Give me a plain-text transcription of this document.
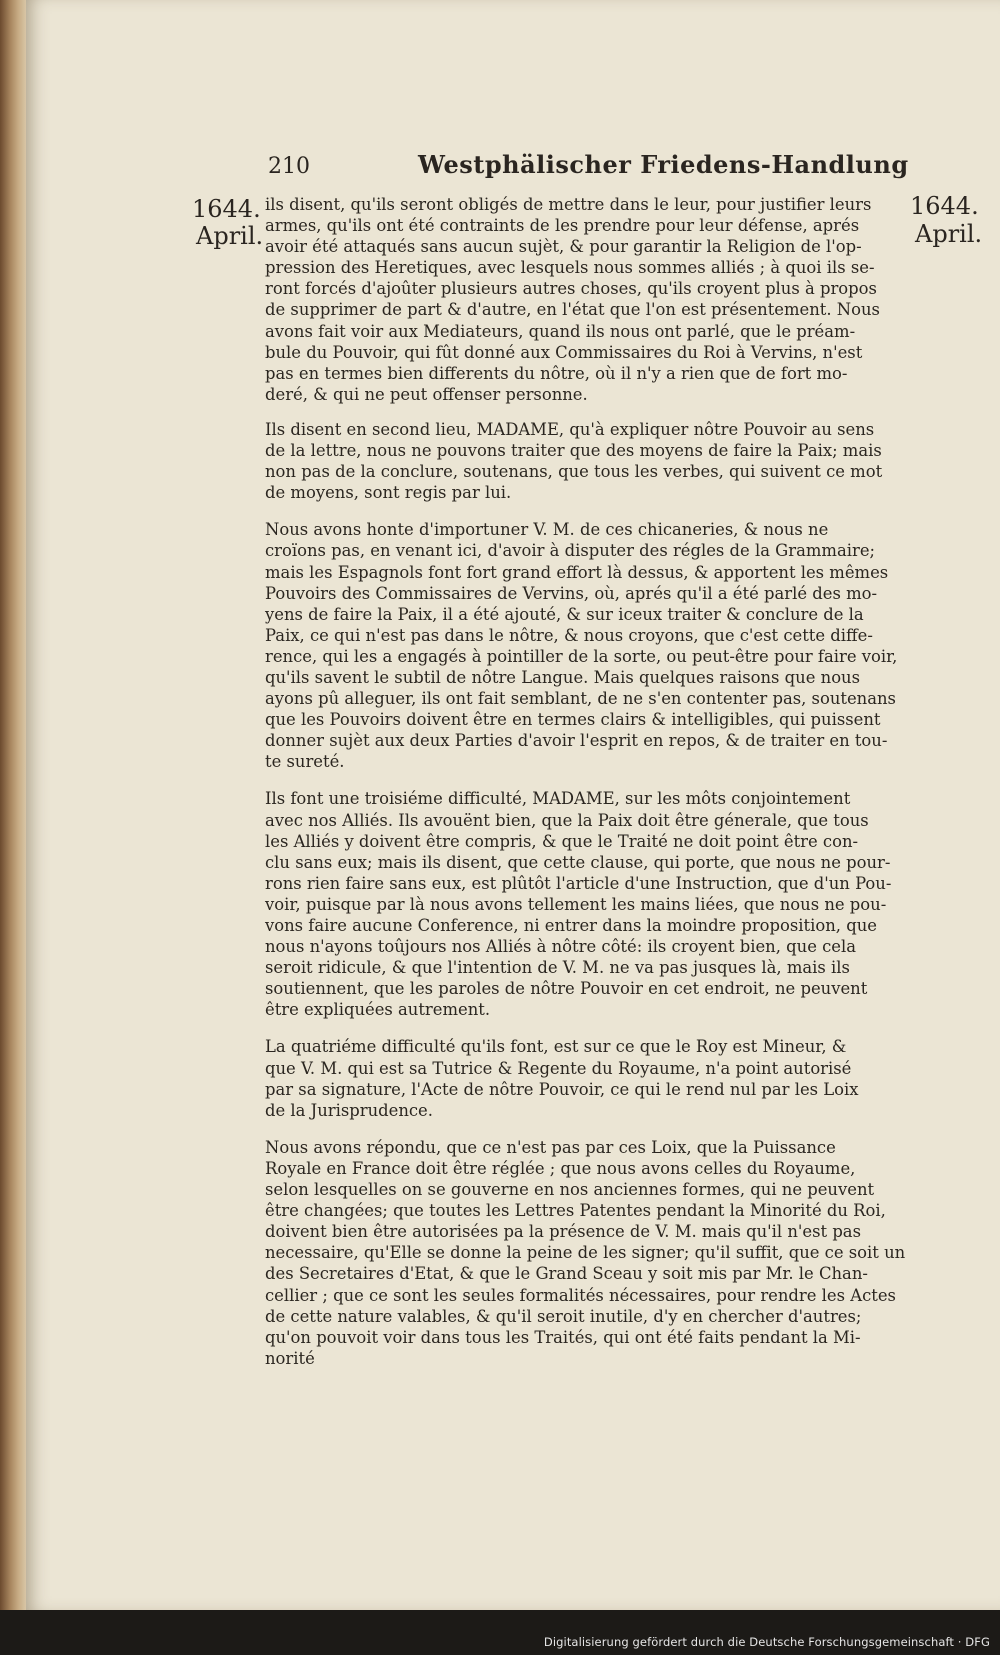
210	Westphälischer Friedens-Handlung
1644.
April.
1644.
April.
ils disent, qu'ils seront obligés de mettre dans le leur, pour justifier leurs
armes, qu'ils ont été contraints de les prendre pour leur défense, aprés
avoir été attaqués sans aucun sujèt, & pour garantir la Religion de l'op-
pression des Heretiques, avec lesquels nous sommes alliés ; à quoi ils se-
ront forcés d'ajoûter plusieurs autres choses, qu'ils croyent plus à propos
de supprimer de part & d'autre, en l'état que l'on est présentement. Nous
avons fait voir aux Mediateurs, quand ils nous ont parlé, que le préam-
bule du Pouvoir, qui fût donné aux Commissaires du Roi à Vervins, n'est
pas en termes bien differents du nôtre, où il n'y a rien que de fort mo-
deré, & qui ne peut offenser personne.
Ils disent en second lieu, MADAME, qu'à expliquer nôtre Pouvoir au sens
de la lettre, nous ne pouvons traiter que des moyens de faire la Paix; mais
non pas de la conclure, soutenans, que tous les verbes, qui suivent ce mot
de moyens, sont regis par lui.
Nous avons honte d'importuner V. M. de ces chicaneries, & nous ne
croïons pas, en venant ici, d'avoir à disputer des régles de la Grammaire;
mais les Espagnols font fort grand effort là dessus, & apportent les mêmes
Pouvoirs des Commissaires de Vervins, où, aprés qu'il a été parlé des mo-
yens de faire la Paix, il a été ajouté, & sur iceux traiter & conclure de la
Paix, ce qui n'est pas dans le nôtre, & nous croyons, que c'est cette diffe-
rence, qui les a engagés à pointiller de la sorte, ou peut-être pour faire voir,
qu'ils savent le subtil de nôtre Langue. Mais quelques raisons que nous
ayons pû alleguer, ils ont fait semblant, de ne s'en contenter pas, soutenans
que les Pouvoirs doivent être en termes clairs & intelligibles, qui puissent
donner sujèt aux deux Parties d'avoir l'esprit en repos, & de traiter en tou-
te sureté.
Ils font une troisiéme difficulté, MADAME, sur les môts conjointement
avec nos Alliés. Ils avouënt bien, que la Paix doit être génerale, que tous
les Alliés y doivent être compris, & que le Traité ne doit point être con-
clu sans eux; mais ils disent, que cette clause, qui porte, que nous ne pour-
rons rien faire sans eux, est plûtôt l'article d'une Instruction, que d'un Pou-
voir, puisque par là nous avons tellement les mains liées, que nous ne pou-
vons faire aucune Conference, ni entrer dans la moindre proposition, que
nous n'ayons toûjours nos Alliés à nôtre côté: ils croyent bien, que cela
seroit ridicule, & que l'intention de V. M. ne va pas jusques là, mais ils
soutiennent, que les paroles de nôtre Pouvoir en cet endroit, ne peuvent
être expliquées autrement.
La quatriéme difficulté qu'ils font, est sur ce que le Roy est Mineur, &
que V. M. qui est sa Tutrice & Regente du Royaume, n'a point autorisé
par sa signature, l'Acte de nôtre Pouvoir, ce qui le rend nul par les Loix
de la Jurisprudence.
Nous avons répondu, que ce n'est pas par ces Loix, que la Puissance
Royale en France doit être réglée ; que nous avons celles du Royaume,
selon lesquelles on se gouverne en nos anciennes formes, qui ne peuvent
être changées; que toutes les Lettres Patentes pendant la Minorité du Roi,
doivent bien être autorisées pa la présence de V. M. mais qu'il n'est pas
necessaire, qu'Elle se donne la peine de les signer; qu'il suffit, que ce soit un
des Secretaires d'Etat, & que le Grand Sceau y soit mis par Mr. le Chan-
cellier ; que ce sont les seules formalités nécessaires, pour rendre les Actes
de cette nature valables, & qu'il seroit inutile, d'y en chercher d'autres;
qu'on pouvoit voir dans tous les Traités, qui ont été faits pendant la Mi-
norité
Digitalisierung gefördert durch die Deutsche Forschungsgemeinschaft · DFG
